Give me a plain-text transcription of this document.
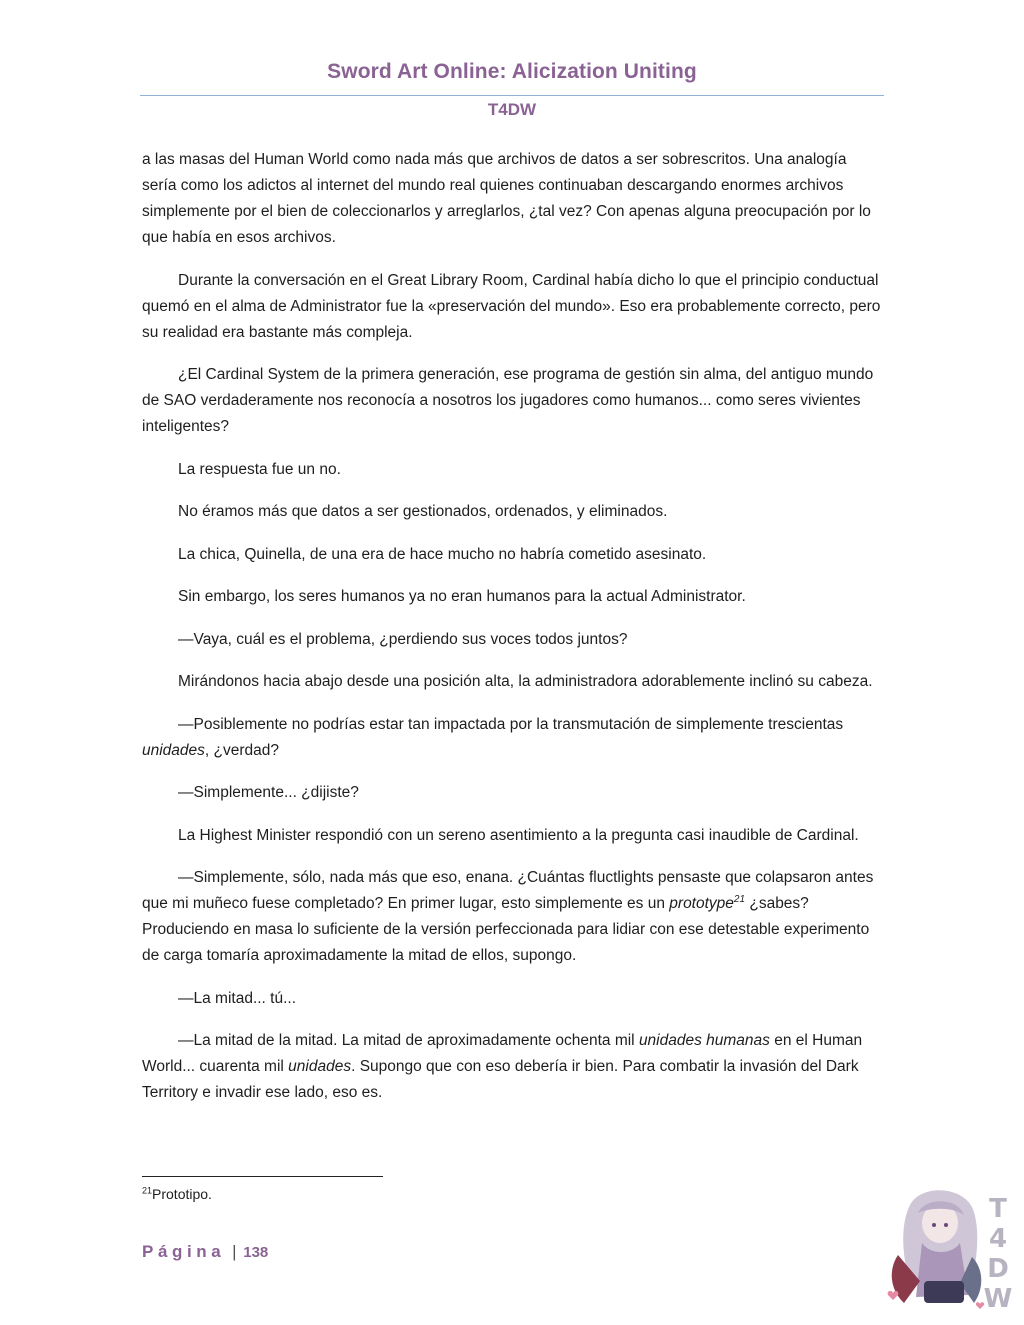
Sword Art Online: Alicization Uniting
T4DW

a las masas del Human World como nada más que archivos de datos a ser sobrescritos. Una analogía sería como los adictos al internet del mundo real quienes continuaban descargando enormes archivos simplemente por el bien de coleccionarlos y arreglarlos, ¿tal vez? Con apenas alguna preocupación por lo que había en esos archivos.

Durante la conversación en el Great Library Room, Cardinal había dicho lo que el principio conductual quemó en el alma de Administrator fue la «preservación del mundo». Eso era probablemente correcto, pero su realidad era bastante más compleja.

¿El Cardinal System de la primera generación, ese programa de gestión sin alma, del antiguo mundo de SAO verdaderamente nos reconocía a nosotros los jugadores como humanos... como seres vivientes inteligentes?

La respuesta fue un no.

No éramos más que datos a ser gestionados, ordenados, y eliminados.

La chica, Quinella, de una era de hace mucho no habría cometido asesinato.

Sin embargo, los seres humanos ya no eran humanos para la actual Administrator.

—Vaya, cuál es el problema, ¿perdiendo sus voces todos juntos?

Mirándonos hacia abajo desde una posición alta, la administradora adorablemente inclinó su cabeza.

—Posiblemente no podrías estar tan impactada por la transmutación de simplemente trescientas unidades, ¿verdad?

—Simplemente... ¿dijiste?

La Highest Minister respondió con un sereno asentimiento a la pregunta casi inaudible de Cardinal.

—Simplemente, sólo, nada más que eso, enana. ¿Cuántas fluctlights pensaste que colapsaron antes que mi muñeco fuese completado? En primer lugar, esto simplemente es un prototype$^{21}$ ¿sabes? Produciendo en masa lo suficiente de la versión perfeccionada para lidiar con ese detestable experimento de carga tomaría aproximadamente la mitad de ellos, supongo.

—La mitad... tú...

—La mitad de la mitad. La mitad de aproximadamente ochenta mil unidades humanas en el Human World... cuarenta mil unidades. Supongo que con eso debería ir bien. Para combatir la invasión del Dark Territory e invadir ese lado, eso es.

$^{21}$Prototipo.
Página | 138
T
4
D
W
